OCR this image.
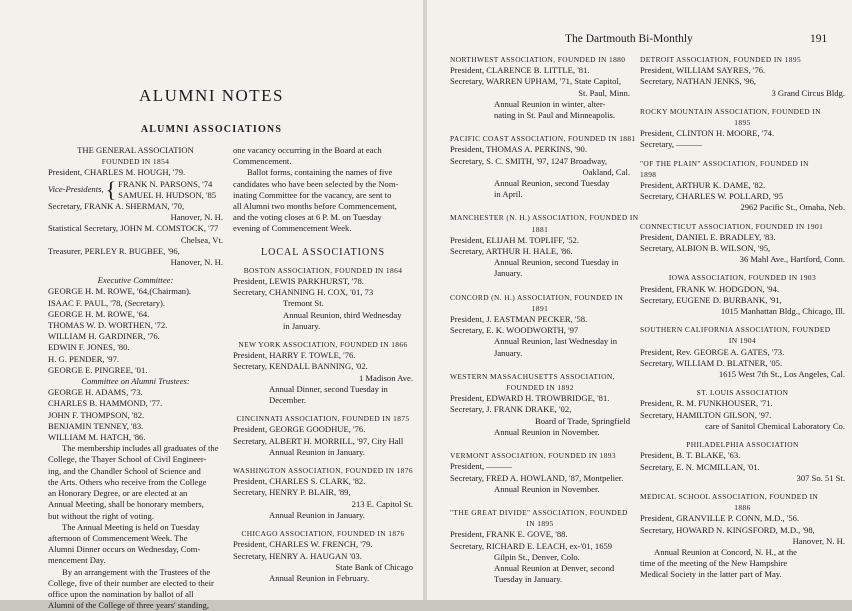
ALUMNI NOTES
ALUMNI ASSOCIATIONS
THE GENERAL ASSOCIATION
FOUNDED IN 1854
President, CHARLES M. HOUGH, '79.
Vice-Presidents, { FRANK N. PARSONS, '74
SAMUEL H. HUDSON, '85
Secretary, FRANK A. SHERMAN, '70,
Hanover, N. H.
Statistical Secretary, JOHN M. COMSTOCK, '77
Chelsea, Vt.
Treasurer, PERLEY R. BUGBEE, '96,
Hanover, N. H.
Executive Committee:
GEORGE H. M. ROWE, '64,(Chairman).
ISAAC F. PAUL, '78, (Secretary).
GEORGE H. M. ROWE, '64.
THOMAS W. D. WORTHEN, '72.
WILLIAM H. GARDINER, '76.
EDWIN F. JONES, '80.
H. G. PENDER, '97.
GEORGE E. PINGREE, '01.
Committee on Alumni Trustees:
GEORGE H. ADAMS, '73.
CHARLES B. HAMMOND, '77.
JOHN F. THOMPSON, '82.
BENJAMIN TENNEY, '83.
WILLIAM M. HATCH, '86.
The membership includes all graduates of the
College, the Thayer School of Civil Engineer-
ing, and the Chandler School of Science and
the Arts. Others who receive from the College
an Honorary Degree, or are elected at an
Annual Meeting, shall be honorary members,
but without the right of voting.
The Annual Meeting is held on Tuesday
afternoon of Commencement Week. The
Alumni Dinner occurs on Wednesday, Com-
mencement Day.
By an arrangement with the Trustees of the
College, five of their number are elected to their
office upon the nomination by ballot of all
Alumni of the College of three years' standing,
one vacancy occurring in the Board at each
Commencement.
Ballot forms, containing the names of five
candidates who have been selected by the Nom-
inating Committee for the vacancy, are sent to
all Alumni two months before Commencement,
and the voting closes at 6 P. M. on Tuesday
evening of Commencement Week.
LOCAL ASSOCIATIONS
BOSTON ASSOCIATION, FOUNDED IN 1864
President, LEWIS PARKHURST, '78.
Secretary, CHANNING H. COX, '01, 73
Tremont St.
Annual Reunion, third Wednesday
in January.
NEW YORK ASSOCIATION, FOUNDED IN 1866
President, HARRY F. TOWLE, '76.
Secretary, KENDALL BANNING, '02.
1 Madison Ave.
Annual Dinner, second Tuesday in
December.
CINCINNATI ASSOCIATION, FOUNDED IN 1875
President, GEORGE GOODHUE, '76.
Secretary, ALBERT H. MORRILL, '97, City Hall
Annual Reunion in January.
WASHINGTON ASSOCIATION, FOUNDED IN 1876
President, CHARLES S. CLARK, '82.
Secretary, HENRY P. BLAIR, '89,
213 E. Capitol St.
Annual Reunion in January.
CHICAGO ASSOCIATION, FOUNDED IN 1876
President, CHARLES W. FRENCH, '79.
Secretary, HENRY A. HAUGAN '03.
State Bank of Chicago
Annual Reunion in February.
The Dartmouth Bi-Monthly	191
NORTHWEST ASSOCIATION, FOUNDED IN 1880
President, CLARENCE B. LITTLE, '81.
Secretary, WARREN UPHAM, '71, State Capitol,
St. Paul, Minn.
Annual Reunion in winter, alter-
nating in St. Paul and Minneapolis.
PACIFIC COAST ASSOCIATION, FOUNDED IN 1881
President, THOMAS A. PERKINS, '90.
Secretary, S. C. SMITH, '97, 1247 Broadway,
Oakland, Cal.
Annual Reunion, second Tuesday
in April.
MANCHESTER (N. H.) ASSOCIATION, FOUNDED IN
1881
President, ELIJAH M. TOPLIFF, '52.
Secretary, ARTHUR H. HALE, '86.
Annual Reunion, second Tuesday in
January.
CONCORD (N. H.) ASSOCIATION, FOUNDED IN
1891
President, J. EASTMAN PECKER, '58.
Secretary, E. K. WOODWORTH, '97
Annual Reunion, last Wednesday in
January.
WESTERN MASSACHUSETTS ASSOCIATION,
FOUNDED IN 1892
President, EDWARD H. TROWBRIDGE, '81.
Secretary, J. FRANK DRAKE, '02,
Board of Trade, Springfield
Annual Reunion in November.
VERMONT ASSOCIATION, FOUNDED IN 1893
President, ———
Secretary, FRED A. HOWLAND, '87, Montpelier.
Annual Reunion in November.
"THE GREAT DIVIDE" ASSOCIATION, FOUNDED
IN 1895
President, FRANK E. GOVE, '88.
Secretary, RICHARD E. LEACH, ex-'01, 1659
Gilpin St., Denver, Colo.
Annual Reunion at Denver, second
Tuesday in January.
DETROIT ASSOCIATION, FOUNDED IN 1895
President, WILLIAM SAYRES, '76.
Secretary, NATHAN JENKS, '96,
3 Grand Circus Bldg.
ROCKY MOUNTAIN ASSOCIATION, FOUNDED IN
1895
President, CLINTON H. MOORE, '74.
Secretary, ———
"OF THE PLAIN" ASSOCIATION, FOUNDED IN
1898
President, ARTHUR K. DAME, '82.
Secretary, CHARLES W. POLLARD, '95
2962 Pacific St., Omaha, Neb.
CONNECTICUT ASSOCIATION, FOUNDED IN 1901
President, DANIEL E. BRADLEY, '83.
Secretary, ALBION B. WILSON, '95,
36 Mahl Ave., Hartford, Conn.
IOWA ASSOCIATION, FOUNDED IN 1903
President, FRANK W. HODGDON, '94.
Secretary, EUGENE D. BURBANK, '91,
1015 Manhattan Bldg., Chicago, Ill.
SOUTHERN CALIFORNIA ASSOCIATION, FOUNDED
IN 1904
President, Rev. GEORGE A. GATES, '73.
Secretary, WILLIAM D. BLATNER, '05.
1615 West 7th St., Los Angeles, Cal.
ST. LOUIS ASSOCIATION
President, R. M. FUNKHOUSER, '71.
Secretary, HAMILTON GILSON, '97.
care of Sanitol Chemical Laboratory Co.
PHILADELPHIA ASSOCIATION
President, B. T. BLAKE, '63.
Secretary, E. N. MCMILLAN, '01.
307 So. 51 St.
MEDICAL SCHOOL ASSOCIATION, FOUNDED IN
1886
President, GRANVILLE P. CONN, M.D., '56.
Secretary, HOWARD N. KINGSFORD, M.D., '98,
Hanover, N. H.
Annual Reunion at Concord, N. H., at the
time of the meeting of the New Hampshire
Medical Society in the latter part of May.
